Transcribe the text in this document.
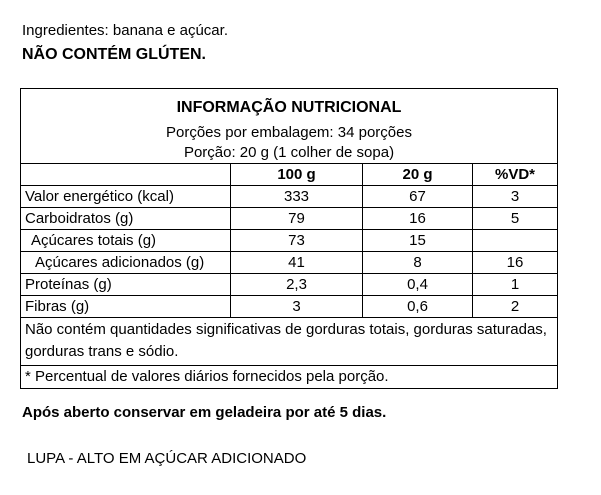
Ingredientes: banana e açúcar.
NÃO CONTÉM GLÚTEN.
INFORMAÇÃO NUTRICIONAL			
Porções por embalagem: 34 porções			
Porção: 20 g (1 colher de sopa)			
	100 g	20 g	%VD*
Valor energético (kcal)	333	67	3
Carboidratos (g)	79	16	5
Açúcares totais (g)	73	15	
Açúcares adicionados (g)	41	8	16
Proteínas (g)	2,3	0,4	1
Fibras (g)	3	0,6	2
Não contém quantidades significativas de gorduras totais, gorduras saturadas, gorduras trans e sódio.			
* Percentual de valores diários fornecidos pela porção.			
Após aberto conservar em geladeira por até 5 dias.
LUPA - ALTO EM AÇÚCAR ADICIONADO
